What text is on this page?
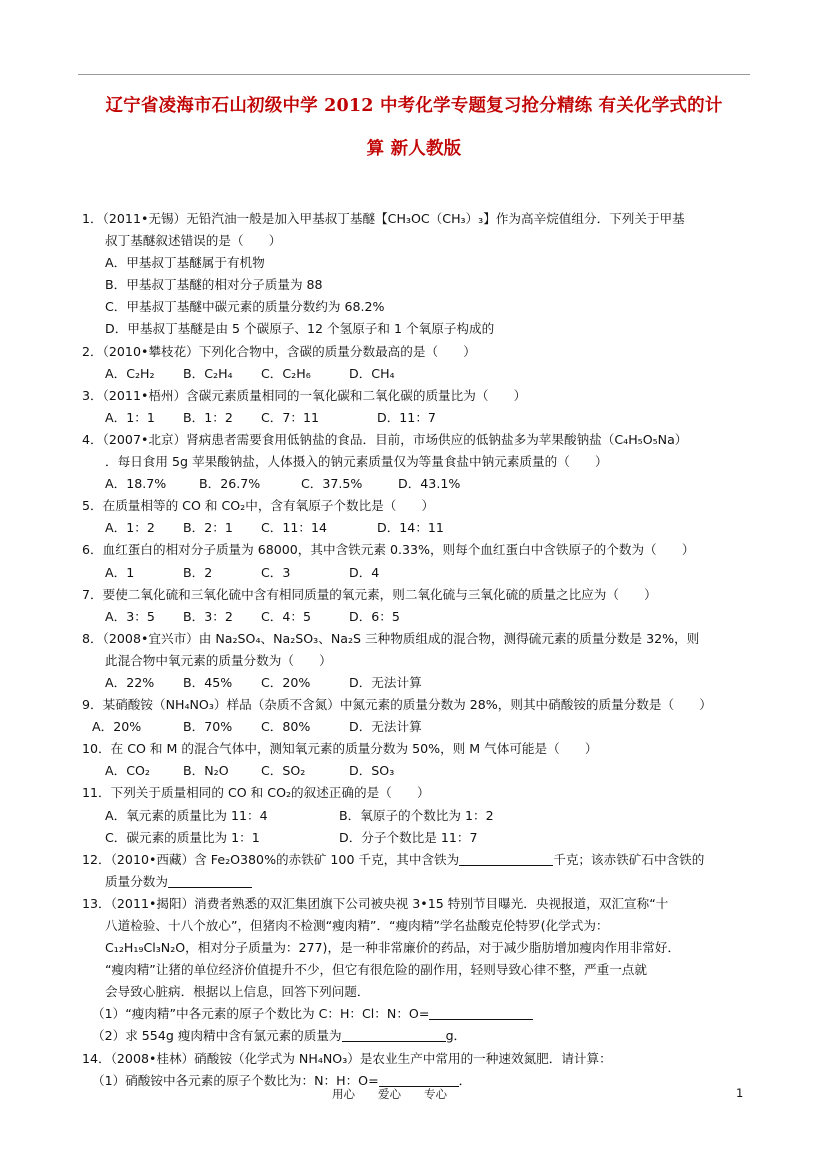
辽宁省凌海市石山初级中学 2012 中考化学专题复习抢分精练 有关化学式的计
算 新人教版
1．（2011•无锡）无铅汽油一般是加入甲基叔丁基醚【CH₃OC（CH₃）₃】作为高辛烷值组分．下列关于甲基
叔丁基醚叙述错误的是（　　）
A．甲基叔丁基醚属于有机物
B．甲基叔丁基醚的相对分子质量为 88
C．甲基叔丁基醚中碳元素的质量分数约为 68.2%
D．甲基叔丁基醚是由 5 个碳原子、12 个氢原子和 1 个氧原子构成的
2．（2010•攀枝花）下列化合物中，含碳的质量分数最高的是（　　）
A．C₂H₂	B．C₂H₄	C．C₂H₆	D．CH₄
3．（2011•梧州）含碳元素质量相同的一氧化碳和二氧化碳的质量比为（　　）
A．1：1	B．1：2	C．7：11	D．11：7
4．（2007•北京）肾病患者需要食用低钠盐的食品．目前，市场供应的低钠盐多为苹果酸钠盐（C₄H₅O₅Na）
．每日食用 5g 苹果酸钠盐，人体摄入的钠元素质量仅为等量食盐中钠元素质量的（　　）
A．18.7%	B．26.7%	C．37.5%	D．43.1%
5．在质量相等的 CO 和 CO₂中，含有氧原子个数比是（　　）
A．1：2	B．2：1	C．11：14	D．14：11
6．血红蛋白的相对分子质量为 68000，其中含铁元素 0.33%，则每个血红蛋白中含铁原子的个数为（　　）
A．1	B．2	C．3	D．4
7．要使二氧化硫和三氧化硫中含有相同质量的氧元素，则二氧化硫与三氧化硫的质量之比应为（　　）
A．3：5	B．3：2	C．4：5	D．6：5
8．（2008•宜兴市）由 Na₂SO₄、Na₂SO₃、Na₂S 三种物质组成的混合物，测得硫元素的质量分数是 32%，则
此混合物中氧元素的质量分数为（　　）
A．22%	B．45%	C．20%	D．无法计算
9．某硝酸铵（NH₄NO₃）样品（杂质不含氮）中氮元素的质量分数为 28%，则其中硝酸铵的质量分数是（　　）
A．20%	B．70%	C．80%	D．无法计算
10．在 CO 和 M 的混合气体中，测知氧元素的质量分数为 50%，则 M 气体可能是（　　）
A．CO₂	B．N₂O	C．SO₂	D．SO₃
11．下列关于质量相同的 CO 和 CO₂的叙述正确的是（　　）
A．氧元素的质量比为 11：4	B．氧原子的个数比为 1：2
C．碳元素的质量比为 1：1	D．分子个数比是 11：7
12．（2010•西藏）含 Fe₂O380%的赤铁矿 100 千克，其中含铁为	千克；该赤铁矿石中含铁的
质量分数为
13．（2011•揭阳）消费者熟悉的双汇集团旗下公司被央视 3•15 特别节目曝光．央视报道，双汇宣称“十
八道检验、十八个放心”，但猪肉不检测“瘦肉精”．“瘦肉精”学名盐酸克伦特罗(化学式为：
C₁₂H₁₉Cl₃N₂O，相对分子质量为：277)，是一种非常廉价的药品，对于减少脂肪增加瘦肉作用非常好．
“瘦肉精”让猪的单位经济价值提升不少，但它有很危险的副作用，轻则导致心律不整，严重一点就
会导致心脏病．根据以上信息，回答下列问题．
（1）“瘦肉精”中各元素的原子个数比为 C：H：Cl：N：O=
（2）求 554g 瘦肉精中含有氯元素的质量为	g．
14．（2008•桂林）硝酸铵（化学式为 NH₄NO₃）是农业生产中常用的一种速效氮肥．请计算：
（1）硝酸铵中各元素的原子个数比为：N：H：O=	．
用心　　爱心　　专心	1
